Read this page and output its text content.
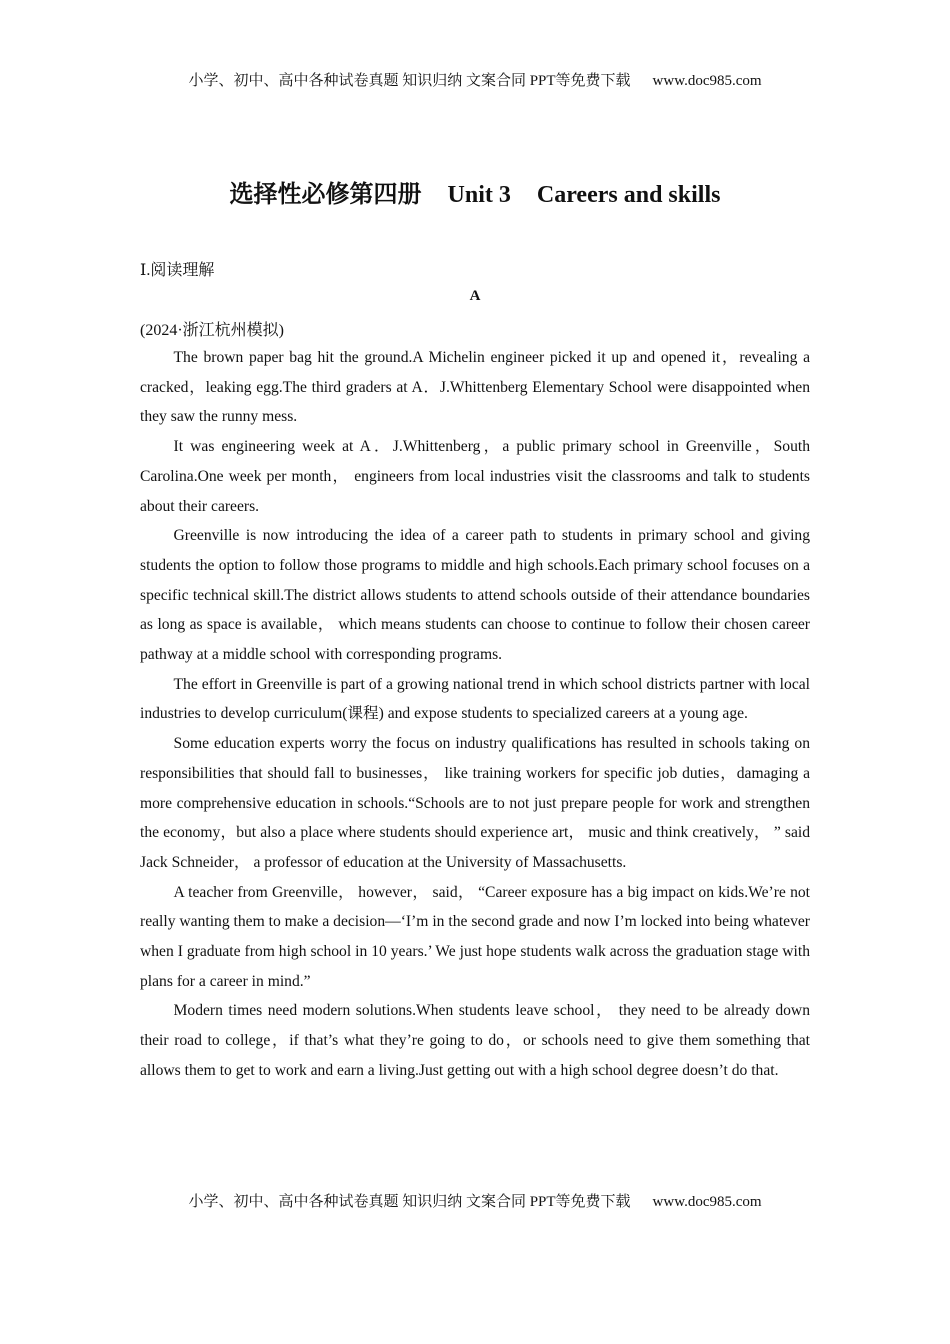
小学、初中、高中各种试卷真题 知识归纳 文案合同 PPT等免费下载 www.doc985.com
选择性必修第四册 Unit 3 Careers and skills
Ⅰ.阅读理解
A
(2024·浙江杭州模拟)

The brown paper bag hit the ground.A Michelin engineer picked it up and opened it，revealing a cracked，leaking egg.The third graders at A．J.Whittenberg Elementary School were disappointed when they saw the runny mess.

It was engineering week at A．J.Whittenberg，a public primary school in Greenville，South Carolina.One week per month， engineers from local industries visit the classrooms and talk to students about their careers.

Greenville is now introducing the idea of a career path to students in primary school and giving students the option to follow those programs to middle and high schools.Each primary school focuses on a specific technical skill.The district allows students to attend schools outside of their attendance boundaries as long as space is available， which means students can choose to continue to follow their chosen career pathway at a middle school with corresponding programs.

The effort in Greenville is part of a growing national trend in which school districts partner with local industries to develop curriculum(课程) and expose students to specialized careers at a young age.

Some education experts worry the focus on industry qualifications has resulted in schools taking on responsibilities that should fall to businesses， like training workers for specific job duties，damaging a more comprehensive education in schools.“Schools are to not just prepare people for work and strengthen the economy，but also a place where students should experience art， music and think creatively， ” said Jack Schneider， a professor of education at the University of Massachusetts.

A teacher from Greenville， however， said， “Career exposure has a big impact on kids.We’re not really wanting them to make a decision—‘I’m in the second grade and now I’m locked into being whatever when I graduate from high school in 10 years.’ We just hope students walk across the graduation stage with plans for a career in mind.”

Modern times need modern solutions.When students leave school， they need to be already down their road to college，if that’s what they’re going to do，or schools need to give them something that allows them to get to work and earn a living.Just getting out with a high school degree doesn’t do that.

小学、初中、高中各种试卷真题 知识归纳 文案合同 PPT等免费下载 www.doc985.com
